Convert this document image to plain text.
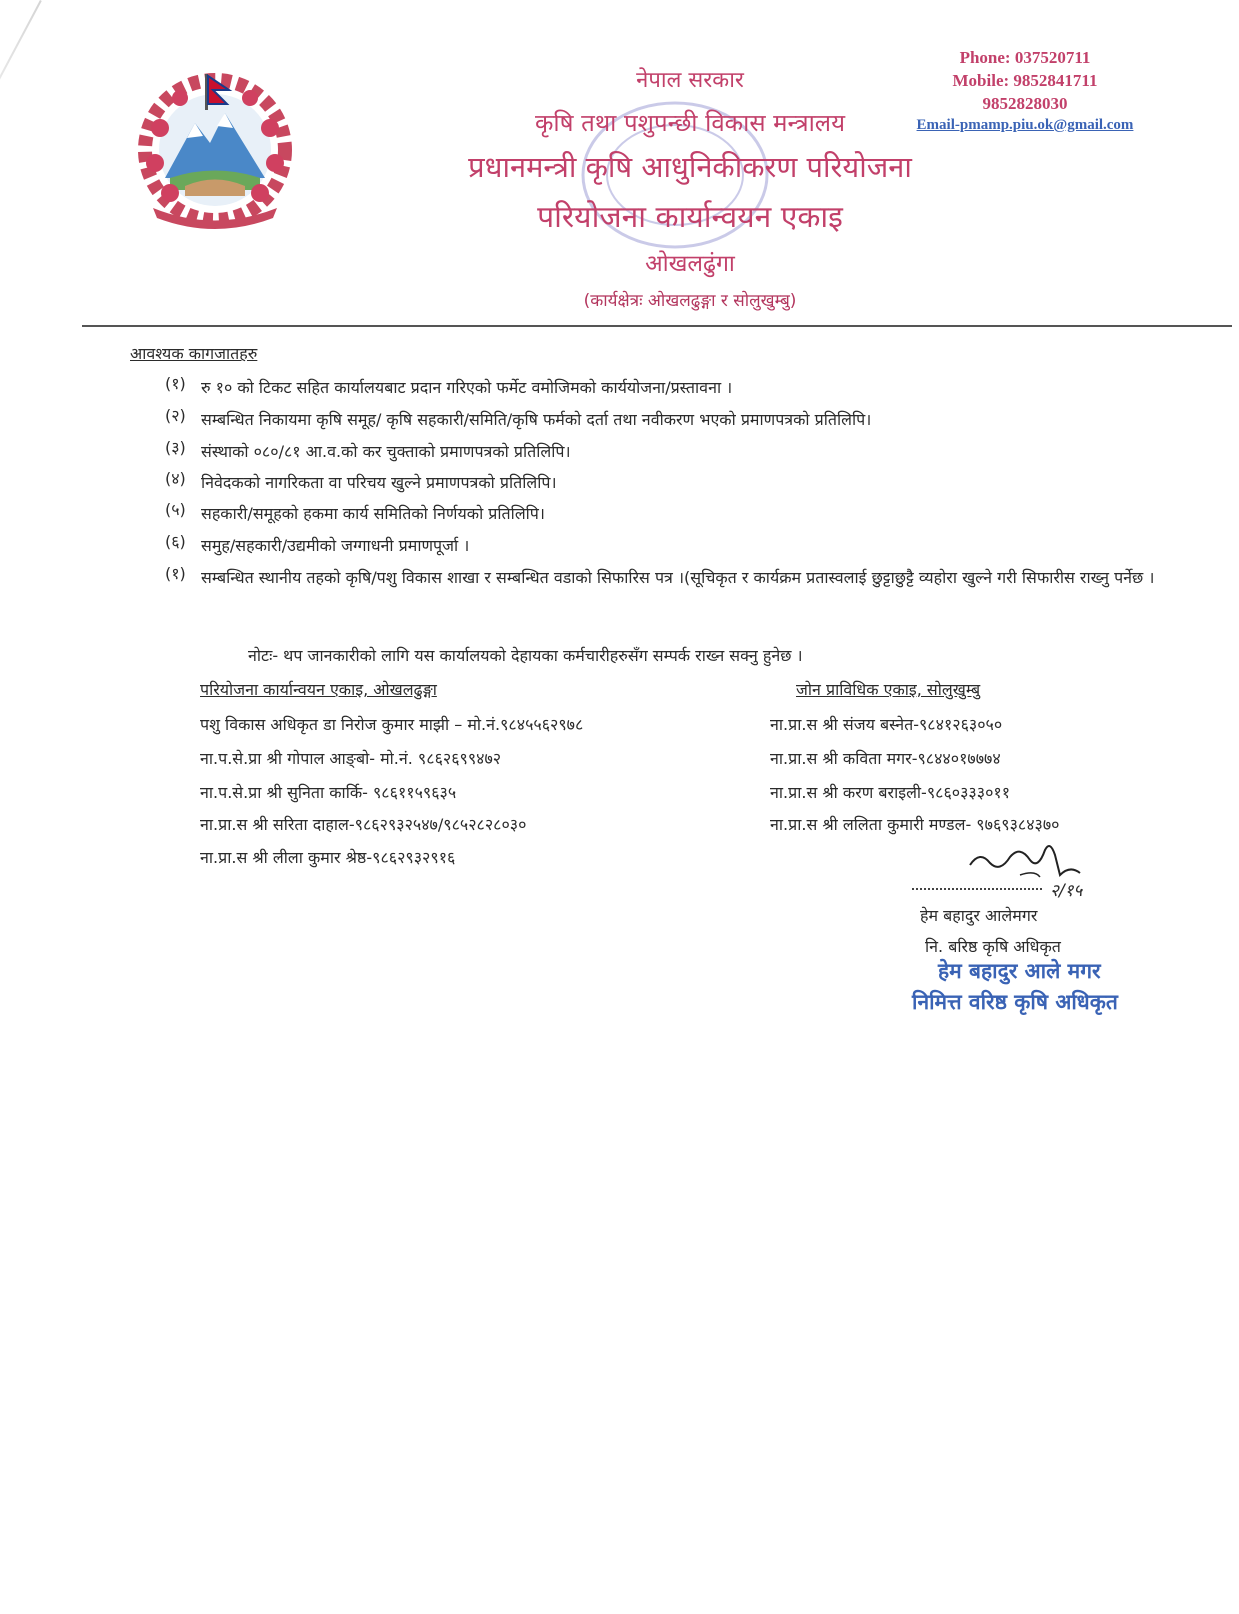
नेपाल सरकार
कृषि तथा पशुपन्छी विकास मन्त्रालय
प्रधानमन्त्री कृषि आधुनिकीकरण परियोजना
परियोजना कार्यान्वयन एकाइ
ओखलढुंगा
(कार्यक्षेत्रः ओखलढुङ्गा र सोलुखुम्बु)
Phone: 037520711
Mobile: 9852841711
9852828030
Email-pmamp.piu.ok@gmail.com
आवश्यक कागजातहरु
(१) रु १० को टिकट सहित कार्यालयबाट प्रदान गरिएको फर्मेट वमोजिमको कार्ययोजना/प्रस्तावना ।
(२) सम्बन्धित निकायमा कृषि समूह/ कृषि सहकारी/समिति/कृषि फर्मको दर्ता तथा नवीकरण भएको प्रमाणपत्रको प्रतिलिपि।
(३) संस्थाको ०८०/८१ आ.व.को कर चुक्ताको प्रमाणपत्रको प्रतिलिपि।
(४) निवेदकको नागरिकता वा परिचय खुल्ने प्रमाणपत्रको प्रतिलिपि।
(५) सहकारी/समूहको हकमा कार्य समितिको निर्णयको प्रतिलिपि।
(६) समुह/सहकारी/उद्यमीको जग्गाधनी प्रमाणपूर्जा ।
(१) सम्बन्धित स्थानीय तहको कृषि/पशु विकास शाखा र सम्बन्धित वडाको सिफारिस पत्र ।(सूचिकृत र कार्यक्रम प्रतास्वलाई छुट्टाछुट्टै व्यहोरा खुल्ने गरी सिफारीस राख्नु पर्नेछ ।
नोटः- थप जानकारीको लागि यस कार्यालयको देहायका कर्मचारीहरुसँग सम्पर्क राख्न सक्नु हुनेछ ।
परियोजना कार्यान्वयन एकाइ, ओखलढुङ्गा
पशु विकास अधिकृत डा निरोज कुमार माझी – मो.नं.९८४५५६२९७८
ना.प.से.प्रा श्री गोपाल आङ्बो- मो.नं. ९८६२६९९४७२
ना.प.से.प्रा श्री सुनिता कार्कि- ९८६११५९६३५
ना.प्रा.स श्री सरिता दाहाल-९८६२९३२५४७/९८५२८२८०३०
ना.प्रा.स श्री लीला कुमार श्रेष्ठ-९८६२९३२९१६
जोन प्राविधिक एकाइ, सोलुखुम्बु
ना.प्रा.स श्री संजय बस्नेत-९८४१२६३०५०
ना.प्रा.स श्री कविता मगर-९८४४०१७७७४
ना.प्रा.स श्री करण बराइली-९८६०३३३०११
ना.प्रा.स श्री ललिता कुमारी मण्डल- ९७६९३८४३७०
२/१५
हेम बहादुर आलेमगर
नि. बरिष्ठ कृषि अधिकृत
हेम बहादुर आले मगर
निमित्त वरिष्ठ कृषि अधिकृत
